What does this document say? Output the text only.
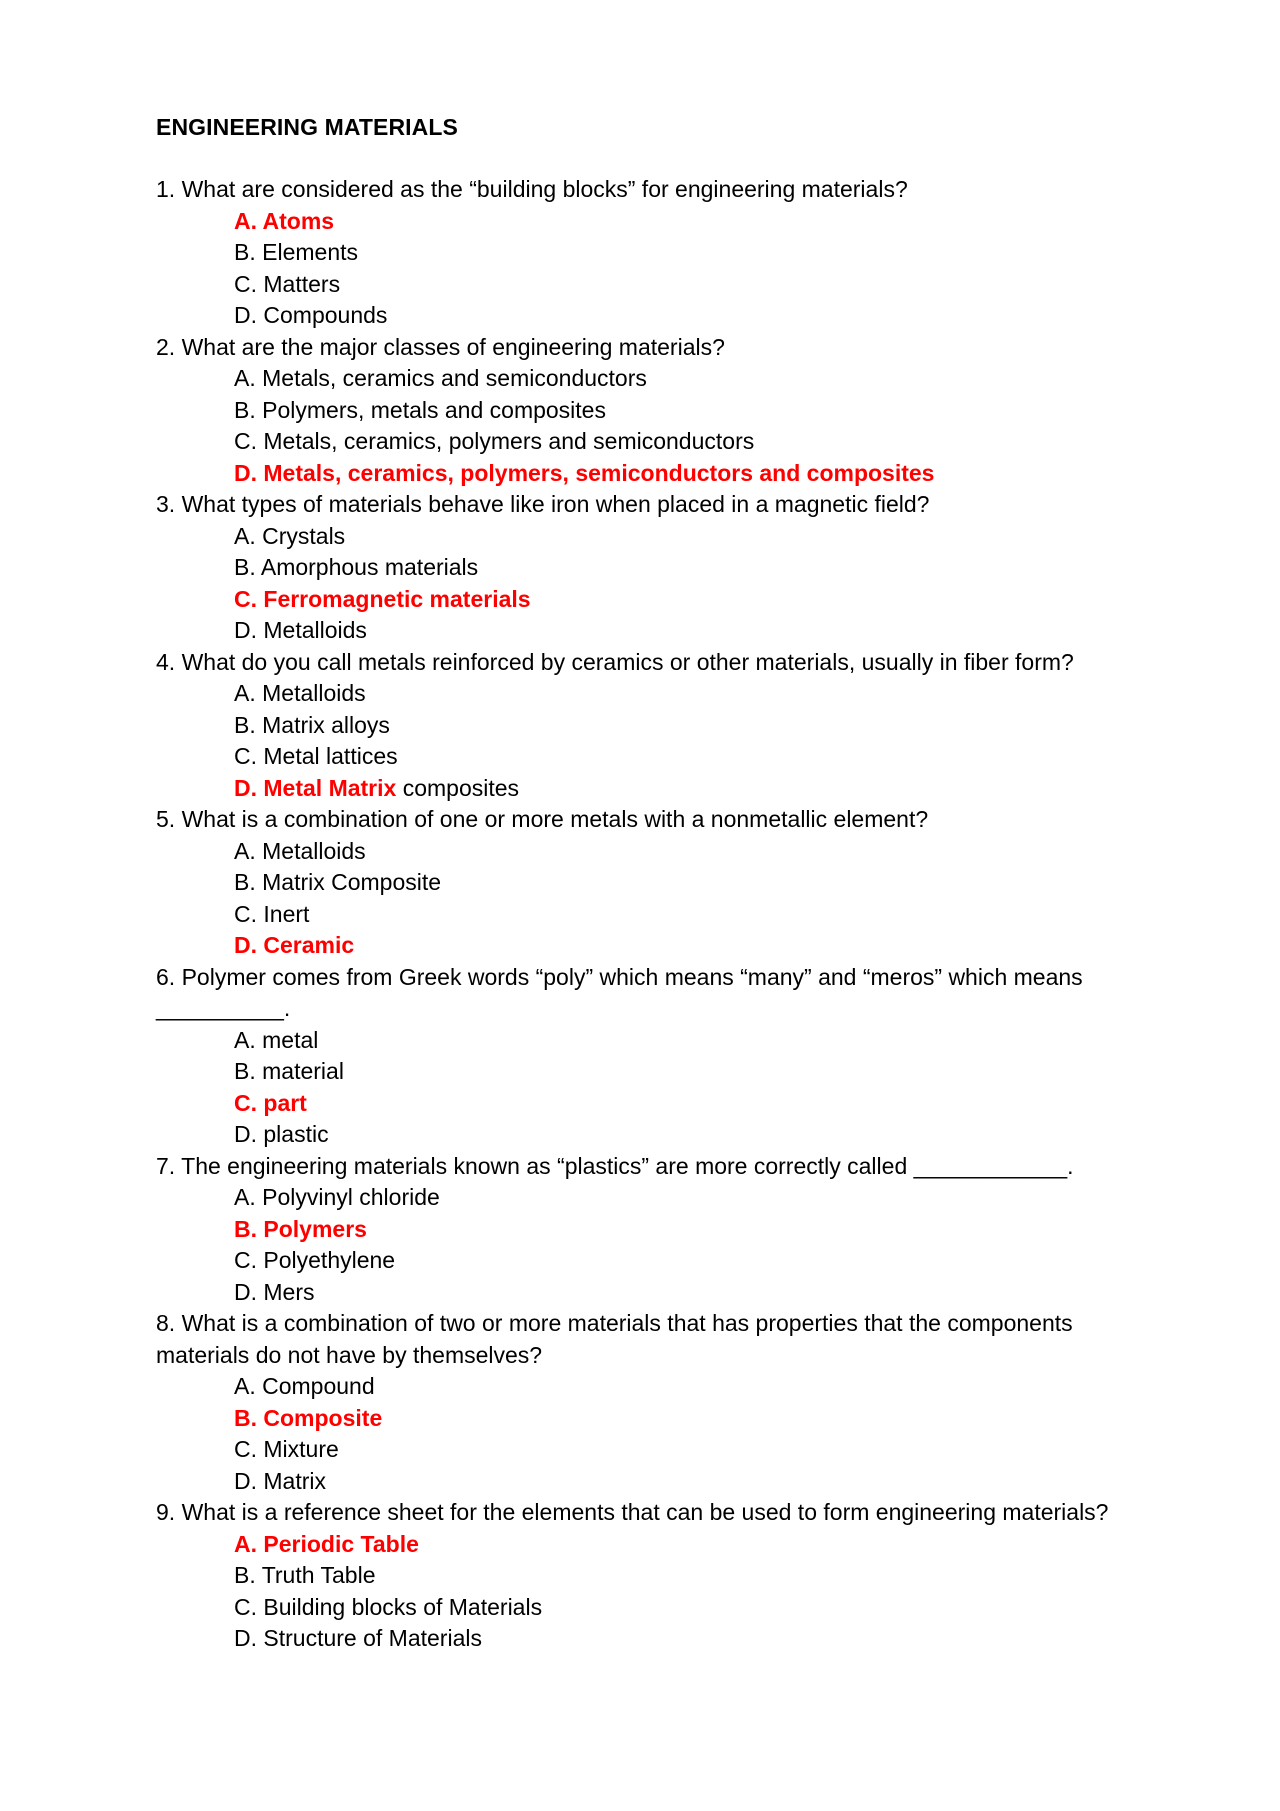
ENGINEERING MATERIALS

1. What are considered as the “building blocks” for engineering materials?

A. Atoms
B. Elements
C. Matters
D. Compounds

2. What are the major classes of engineering materials?

A. Metals, ceramics and semiconductors
B. Polymers, metals and composites
C. Metals, ceramics, polymers and semiconductors
D. Metals, ceramics, polymers, semiconductors and composites

3. What types of materials behave like iron when placed in a magnetic field?

A. Crystals
B. Amorphous materials
C. Ferromagnetic materials
D. Metalloids

4. What do you call metals reinforced by ceramics or other materials, usually in fiber form?

A. Metalloids
B. Matrix alloys
C. Metal lattices
D. Metal Matrix composites

5. What is a combination of one or more metals with a nonmetallic element?

A. Metalloids
B. Matrix Composite
C. Inert
D. Ceramic

6. Polymer comes from Greek words “poly” which means “many” and “meros” which means __________.

A. metal
B. material
C. part
D. plastic

7. The engineering materials known as “plastics” are more correctly called ____________.

A. Polyvinyl chloride
B. Polymers
C. Polyethylene
D. Mers

8. What is a combination of two or more materials that has properties that the components materials do not have by themselves?

A. Compound
B. Composite
C. Mixture
D. Matrix

9. What is a reference sheet for the elements that can be used to form engineering materials?

A. Periodic Table
B. Truth Table
C. Building blocks of Materials
D. Structure of Materials
